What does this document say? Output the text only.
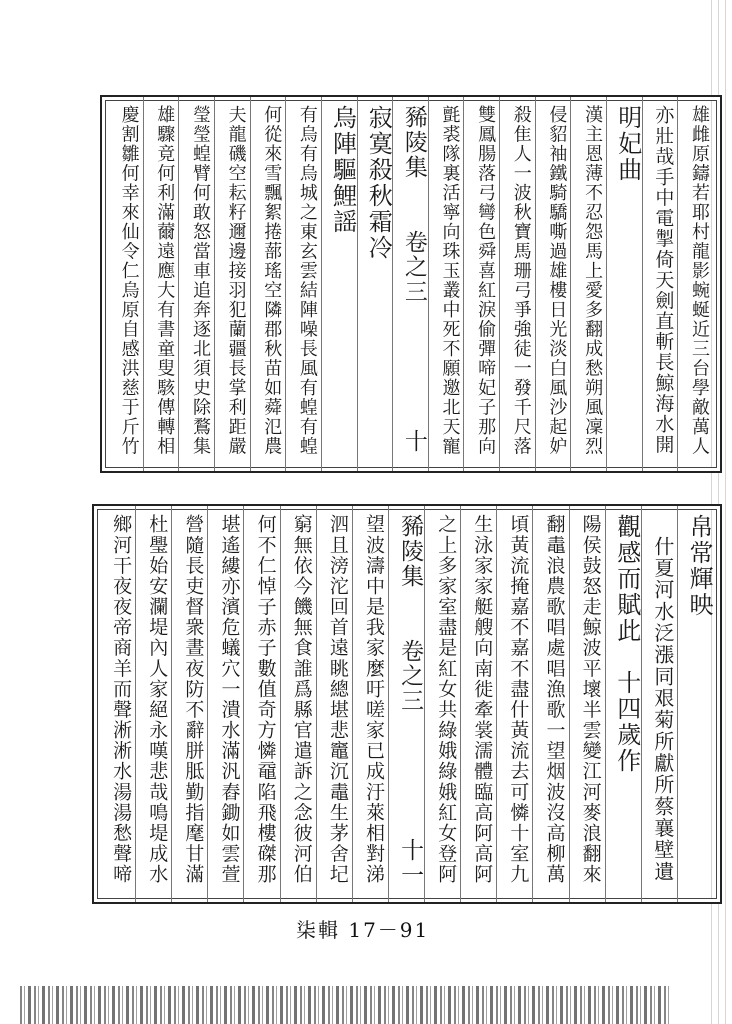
雄雌原鑄若耶村龍影蜿蜒近三台學敵萬人
亦壯哉手中電掣倚天劍直斬長鯨海水開
明妃曲
漢主恩薄不忍怨馬上愛多翻成愁朔風凜烈
侵貂袖鐵騎驕嘶過雄樓日光淡白風沙起妒
殺隹人一波秋寶馬珊弓爭強徒一發千尺落
雙鳳腸落弓彎色舜喜紅淚偷彈啼妃子那向
氈裘隊裏活寧向珠玉叢中死不願邀北天寵
豨陵集　　卷之三　　　　　十
寂寞殺秋霜冷
烏陣驅鯉謡
有烏有烏城之東玄雲結陣噪長風有蝗有蝗
何從來雪飄絮捲蔀瑤空隣郡秋苗如蕣氾農
夫龍磯空耘籽邇邊接羽犯蘭疆長掌利距嚴
瑩瑩蝗臂何敢怒當車追奔逐北須史除鶩集
雄驟竟何利滿薾遠應大有書童叟駭傳轉相
慶割雛何幸來仙令仁烏原自感洪慈于斤竹
帛常輝映
　什夏河水泛漲同艰菊所獻所蔡襄壁遺
觀感而賦此　十四歲作
陽侯鼓怒走鯨波平壞半雲變江河麥浪翻來
翻鼃浪農歌唱處唱漁歌一望烟波沒高柳萬
頃黃流掩嘉不嘉不盡什黃流去可憐十室九
生泳家家艇艘向南徙牽裳濡體臨高阿高阿
之上多家室盡是紅女共綠娥綠娥紅女登阿
豨陵集　　卷之三　　　　　十一
望波濤中是我家麼吁嗟家已成汙萊相對涕
泗且滂沱回首遠眺總堪悲竈沉鼃生茅舍圮
窮無依今饑無食誰爲縣官遣訴之念彼河伯
何不仁悼子赤子數值奇方憐黿陷飛樓磔那
堪遙縷亦濱危蟻穴一潰水滿汎舂鋤如雲萱
營隨長吏督衆晝夜防不辭胼胝勤指麾甘滿
杜璺始安瀾堤內人家絕永嘆悲哉鳴堤成水
鄉河干夜夜帝商羊而聲淅淅水湯湯愁聲啼
柒輯 17－91
